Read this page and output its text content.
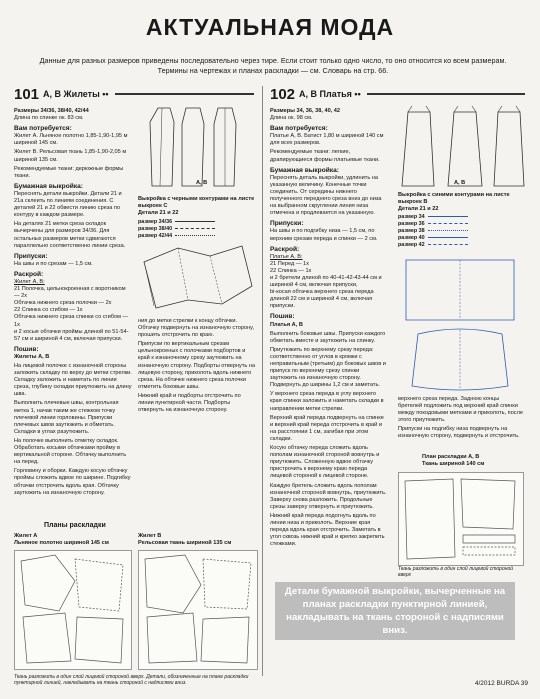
АКТУАЛЬНАЯ МОДА
Данные для разных размеров приведены последовательно через тире. Если стоит только одно число, то оно относится ко всем размерам. Термины на чертежах и планах раскладки — см. Словарь на стр. 66.
101 А, В Жилеты ••	102 А, В Платья ••

Размеры 34/36, 38/40, 42/44
Длина по спинке ок. 83 см.

Вам потребуется:

Жилет А. Льняное полотно 1,85-1,90-1,95 м шириной 145 см.

Жилет В. Рельсовая ткань 1,85-1,90-2,05 м шириной 135 см.

Рекомендуемые ткани: дерюжные формы ткани.

Бумажная выкройка:

Переснять детали выкройки. Детали 21 и 21а склеить по линиям соединения. С деталей 21 и 22 обвести линию среза по контуру в каждом размере.

На деталях 21 метки среза складок вычерчены для размеров 34/36. Для остальных размеров метки сдвигаются параллельно соответственно линии среза.

Припуски:

На швы и по срезам — 1,5 см.

Раскрой:

Жилет А, В:
21 Полочка, цельнокроенная с воротником — 2х
Обтачка нижнего среза полочки — 2х
22 Спинка со сгибом — 1х
Обтачка нижнего среза спинки со сгибом — 1х
и 2 косые обтачки проймы длиной по 51-54-57 см и шириной 4 см, включая припуски.

Пошив:

Жилеты А, В

На лицевой полочке с изнаночной стороны заложить складку по верху до метки стрелки. Складку заложить и наметать по линии среза, глубину складки приутюжить на длину шва.

Выполнить плечевые швы, контрольная метка 1, начав таким же стежком точку плечевой линии горловины. Припуски плечевых швов заутюжить и обметать. Складки в углах разутюжить.

На полочке выполнить отметку складок. Обработать косыми обтачками пройму в вертикальной стороне. Обтачку выполнить на перед.

Горловину и оборки. Каждую косую обтачку проймы сложить вдвое по ширине. Подгибку обтачки отстрочить вдоль края. Обтачку заутюжить на изнаночную сторону.

А, В
Выкройка с черными контурами на листе выкроек С
Детали 21 и 22
размер 34/36
размер 38/40
размер 42/44

ния до метки стрелки к концу обтачки. Обтачку подвернуть на изнаночную сторону, прошить отстрочить по краю.

Припуски по вертикальным срезам цельнокроеных с полочками подбортов и край к изнаночному срезу заутюжить на изнаночную сторону. Подборты отвернуть на лицевую сторону, приколоть вдоль нижнего среза. На обтачке нижнего среза полочки отметить боковые швы.

Нижний край и подборты отстрочить по линии пунктирной части. Подборты отвернуть на изнаночную сторону.

Планы раскладки
Жилет А
Льняное полотно шириной 145 см
Жилет В
Рельсовая ткань шириной 135 см
Ткань разложить в один слой лицевой стороной вверх. Детали, обозначенные на плане раскладки пунктирной линией, накладывать на ткань стороной с надписями вниз.

Размеры 34, 36, 38, 40, 42
Длина ок. 98 см.

Вам потребуется:

Платье А, В. Батист 1,80 м шириной 140 см для всех размеров.

Рекомендуемые ткани: легкие, драпирующиеся формы платьевые ткани.

Бумажная выкройка:

Переснять деталь выкройки, удлинить на указанную величину. Конечные точки соединить. От середины нижнего полученного переднего среза вниз до низа на выбранном скруглении линия низа отмечена и продлевается на указанную.

Припуски:

На швы и по подгибку низа — 1,5 см, по верхним срезам переда и спинки — 2 см.

Раскрой:

Платье А, В:
21 Перед — 1х
22 Спинка — 1х
и 2 бретели длиной по 40-41-42-43-44 см и шириной 4 см, включая припуски,
bi-косая обтачка верхнего среза переда длиной 22 см и шириной 4 см, включая припуски.

Пошив:

Платья А, В

Выполнить боковые швы. Припуски каждого обметать вместе и заутюжить на спинку.

Приутюжить по верхнему срезу переда: соответственно от углов в кромки с неправильным (третьим) до боковых швов и припуск по верхнему срезу спинки заутюжить на изнаночную сторону. Подвернуть до ширины 1,2 см и заметать.

У верхнего среза переда в углу верхнего края спинки заложить и наметать складки в направлении метки стрелки.

Верхний край переда подвернуть на спинке и верхний край переда отстрочить в край и на расстоянии 1 см, загибая при этом складки.

Косую обтачку переда сложить вдоль пополам изнаночной стороной вовнутрь и приутюжить. Сложенную вдвое обтачку пристрочить к верхнему краю переда лицевой стороной к лицевой стороне.

Каждую бретель сложить вдоль пополам изнаночной стороной вовнутрь, приутюжить. Заверху снова разложить. Продольные срезы заверху отвернуть и приутюжить.

Нижний край переда подогнуть вдоль по линии низа и приколоть. Верхние края переда вдоль края отстрочить. Заметать в угол сквозь нижний край и крепко закрепить стежками.

А, В
Выкройка с синими контурами на листе выкроек В
Детали 21 и 22
размер 34
размер 36
размер 38
размер 40
размер 42

верхнего среза переда. Заднюю концы бретелей подложить под верхний край спинки между покодовыми метками и приколоть, после этого приутюжить.

Припуски на подгибку низа подвернуть на изнаночную сторону, подвернуть и отстрочить.

План раскладки А, В
Ткань шириной 140 см
Ткань разложить в один слой лицевой стороной вверх
Детали бумажной выкройки, вычерченные на планах раскладки пунктирной линией, накладывать на ткань стороной с надписями вниз.
4/2012 BURDA 39
